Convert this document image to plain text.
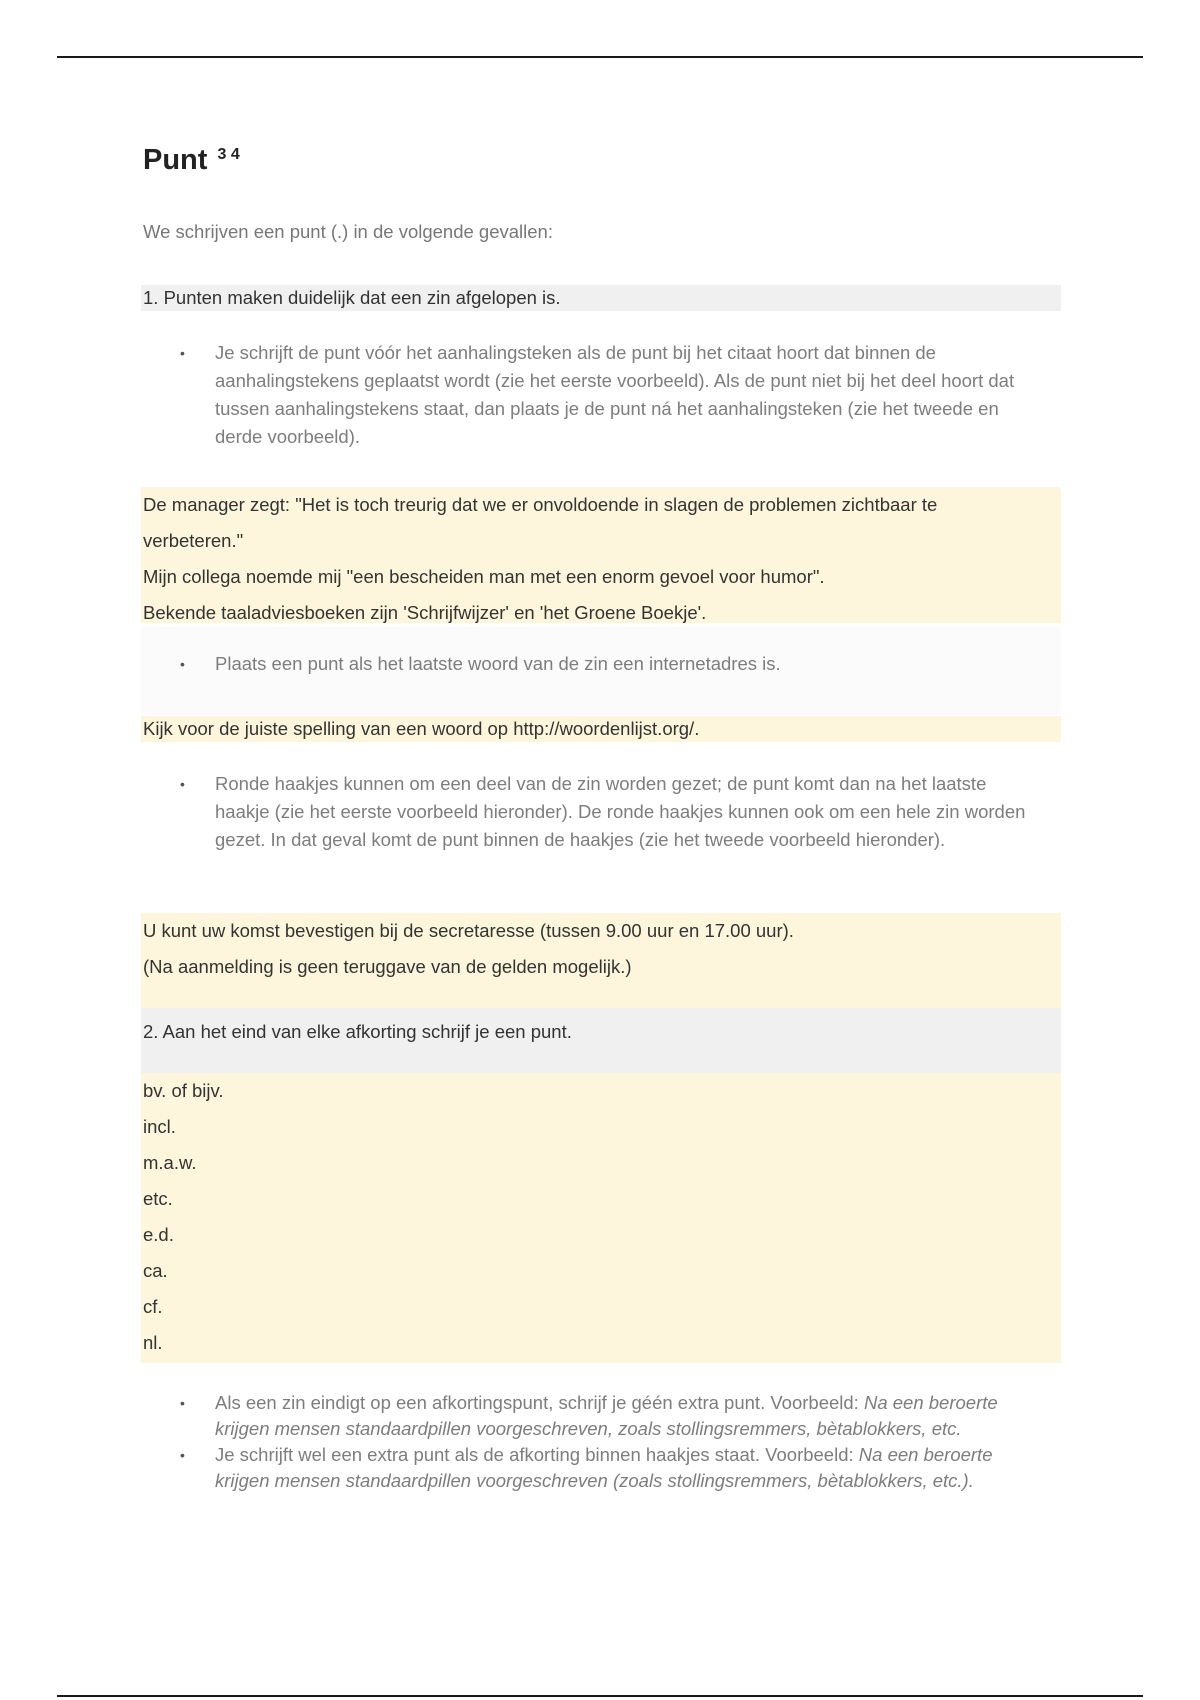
Punt $^{3 4}$
We schrijven een punt (.) in de volgende gevallen:
1. Punten maken duidelijk dat een zin afgelopen is.
• Je schrijft de punt vóór het aanhalingsteken als de punt bij het citaat hoort dat binnen de aanhalingstekens geplaatst wordt (zie het eerste voorbeeld). Als de punt niet bij het deel hoort dat tussen aanhalingstekens staat, dan plaats je de punt ná het aanhalingsteken (zie het tweede en derde voorbeeld).
De manager zegt: "Het is toch treurig dat we er onvoldoende in slagen de problemen zichtbaar te
verbeteren."
Mijn collega noemde mij "een bescheiden man met een enorm gevoel voor humor".
Bekende taaladviesboeken zijn 'Schrijfwijzer' en 'het Groene Boekje'.
• Plaats een punt als het laatste woord van de zin een internetadres is.
Kijk voor de juiste spelling van een woord op http://woordenlijst.org/.
• Ronde haakjes kunnen om een deel van de zin worden gezet; de punt komt dan na het laatste haakje (zie het eerste voorbeeld hieronder). De ronde haakjes kunnen ook om een hele zin worden gezet. In dat geval komt de punt binnen de haakjes (zie het tweede voorbeeld hieronder).
U kunt uw komst bevestigen bij de secretaresse (tussen 9.00 uur en 17.00 uur).
(Na aanmelding is geen teruggave van de gelden mogelijk.)
2. Aan het eind van elke afkorting schrijf je een punt.
bv. of bijv.
incl.
m.a.w.
etc.
e.d.
ca.
cf.
nl.
• Als een zin eindigt op een afkortingspunt, schrijf je géén extra punt. Voorbeeld: Na een beroerte krijgen mensen standaardpillen voorgeschreven, zoals stollingsremmers, bètablokkers, etc.
• Je schrijft wel een extra punt als de afkorting binnen haakjes staat. Voorbeeld: Na een beroerte krijgen mensen standaardpillen voorgeschreven (zoals stollingsremmers, bètablokkers, etc.).
